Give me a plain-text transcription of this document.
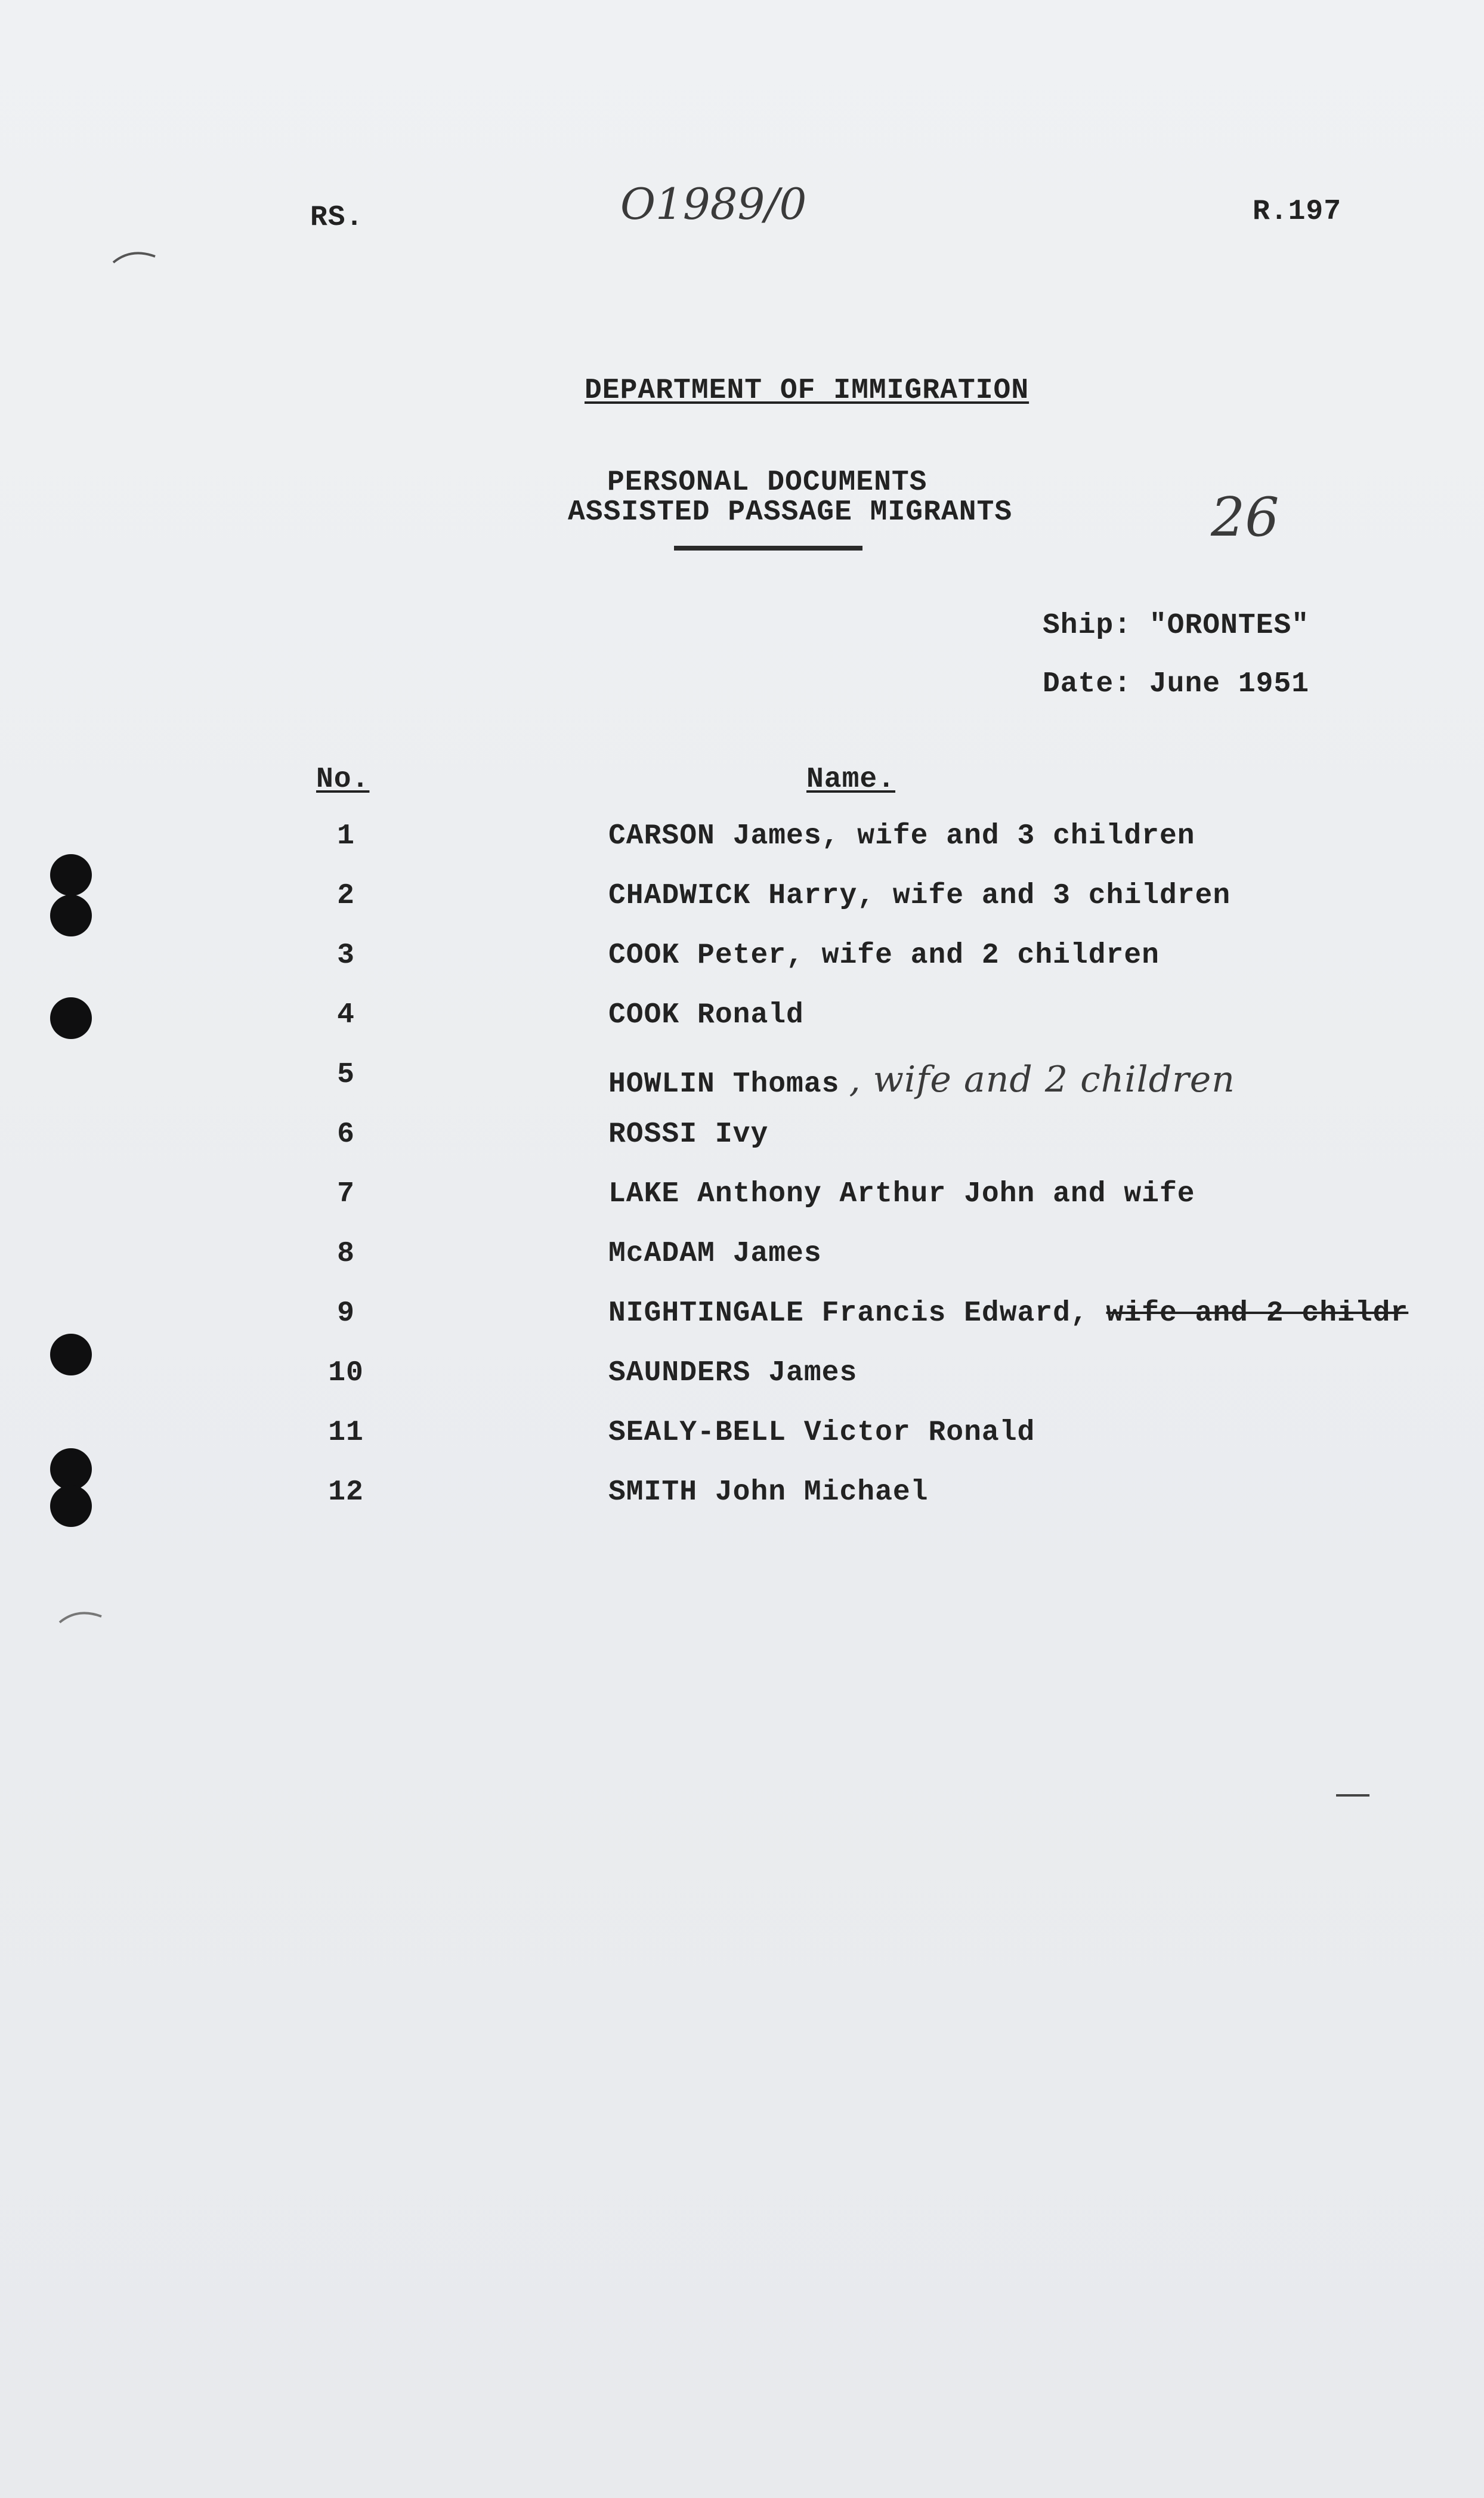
RS.	O1989/0	R.197
DEPARTMENT OF IMMIGRATION
PERSONAL DOCUMENTS
ASSISTED PASSAGE MIGRANTS	26
Ship: "ORONTES"
Date: June 1951
No.	Name.
1	CARSON James, wife and 3 children
2	CHADWICK Harry, wife and 3 children
3	COOK Peter, wife and 2 children
4	COOK Ronald
5	HOWLIN Thomas , wife and 2 children
6	ROSSI Ivy
7	LAKE Anthony Arthur John and wife
8	McADAM James
9	NIGHTINGALE Francis Edward, wife and 2 childr
10	SAUNDERS James
11	SEALY-BELL Victor Ronald
12	SMITH John Michael
